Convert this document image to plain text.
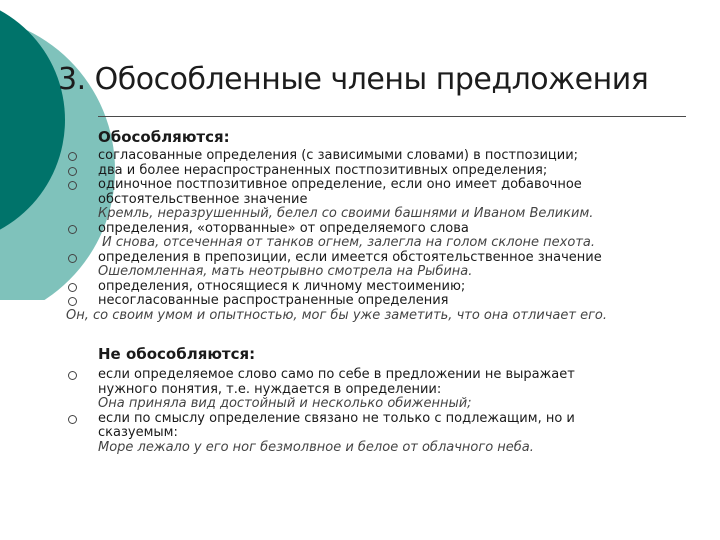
3. Обособленные члены предложения
Обособляются:
согласованные определения (с зависимыми словами) в постпозиции;
два и более нераспространенных постпозитивных определения;
одиночное постпозитивное определение, если оно имеет добавочное
обстоятельственное значение
Кремль, неразрушенный, белел со своими башнями и Иваном Великим.
определения, «оторванные» от определяемого слова
И снова, отсеченная от танков огнем, залегла на голом склоне пехота.
определения в препозиции, если имеется обстоятельственное значение
Ошеломленная, мать неотрывно смотрела на Рыбина.
определения, относящиеся к личному местоимению;
несогласованные распространенные определения
Он, со своим умом и опытностью, мог бы уже заметить, что она отличает его.
Не обособляются:
если определяемое слово само по себе в предложении не выражает
нужного понятия, т.е. нуждается в определении:
Она приняла вид достойный и несколько обиженный;
если по смыслу определение связано не только с подлежащим, но и
сказуемым:
Море лежало у его ног безмолвное и белое от облачного неба.
